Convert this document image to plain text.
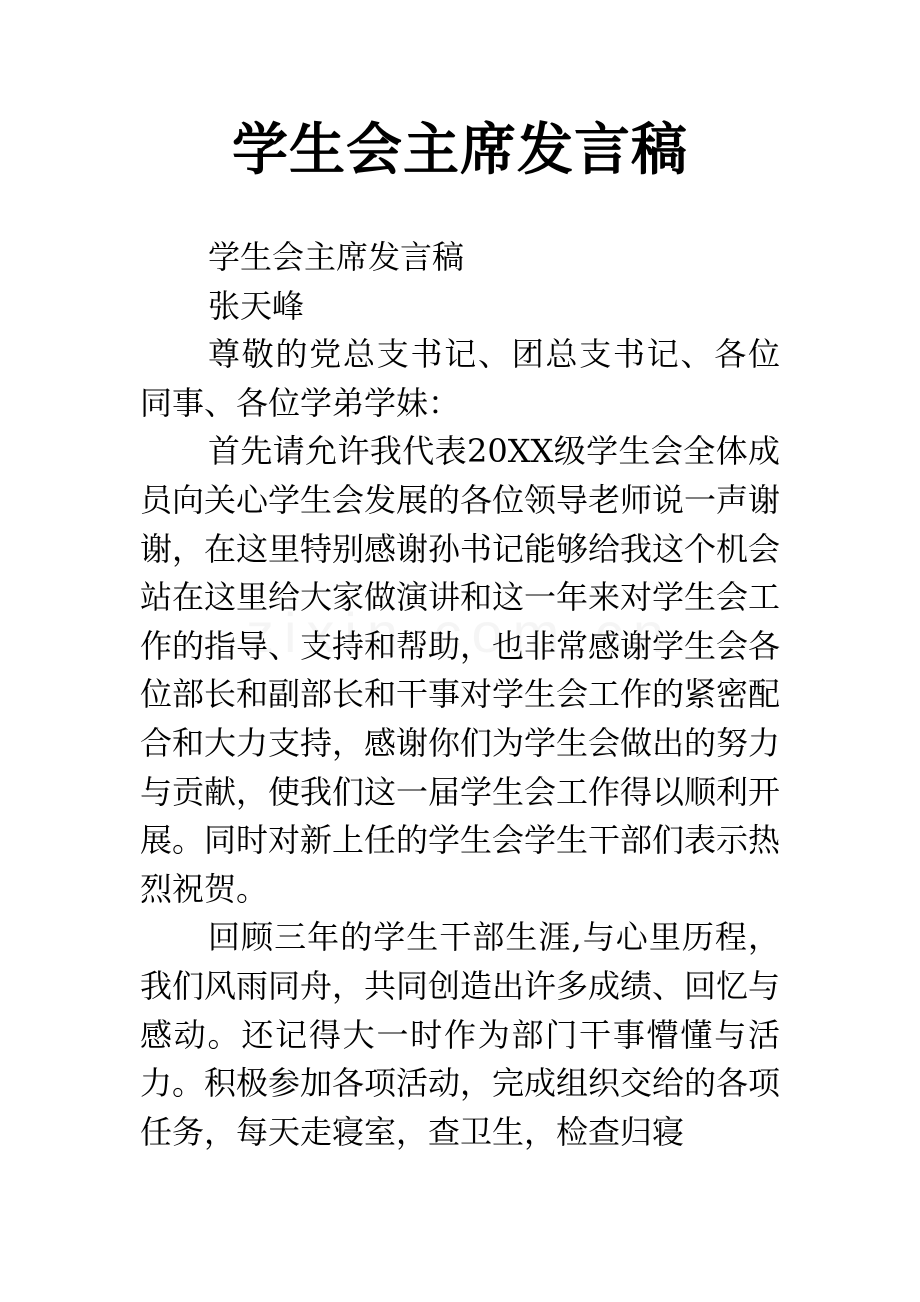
学生会主席发言稿

学生会主席发言稿

张天峰

尊敬的党总支书记、团总支书记、各位同事、各位学弟学妹：

首先请允许我代表20XX级学生会全体成员向关心学生会发展的各位领导老师说一声谢谢，在这里特别感谢孙书记能够给我这个机会站在这里给大家做演讲和这一年来对学生会工作的指导、支持和帮助，也非常感谢学生会各位部长和副部长和干事对学生会工作的紧密配合和大力支持，感谢你们为学生会做出的努力与贡献，使我们这一届学生会工作得以顺利开展。同时对新上任的学生会学生干部们表示热烈祝贺。

回顾三年的学生干部生涯,与心里历程，我们风雨同舟，共同创造出许多成绩、回忆与感动。还记得大一时作为部门干事懵懂与活力。积极参加各项活动，完成组织交给的各项任务，每天走寝室，查卫生，检查归寝
